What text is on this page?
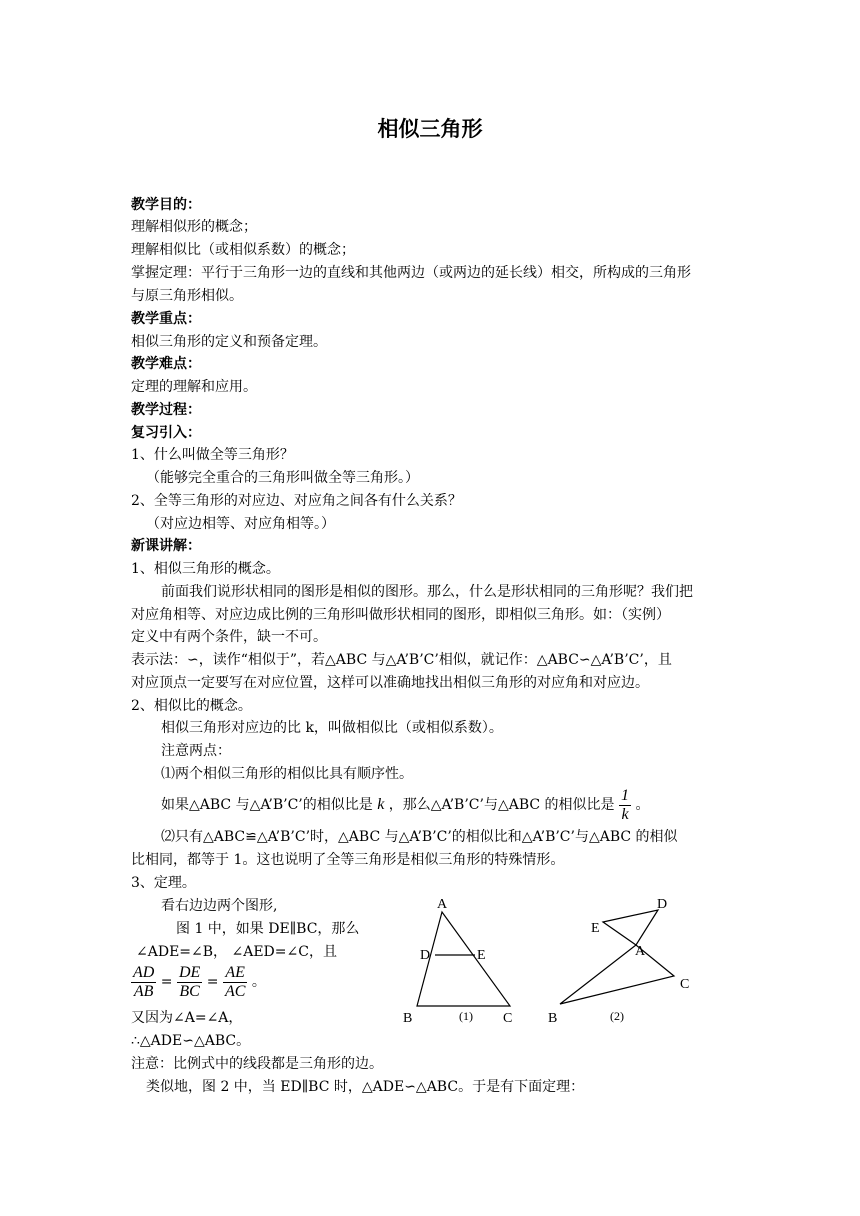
相似三角形
教学目的：
理解相似形的概念；
理解相似比（或相似系数）的概念；
掌握定理：平行于三角形一边的直线和其他两边（或两边的延长线）相交，所构成的三角形
与原三角形相似。
教学重点：
相似三角形的定义和预备定理。
教学难点：
定理的理解和应用。
教学过程：
复习引入：
1、什么叫做全等三角形？
（能够完全重合的三角形叫做全等三角形。）
2、全等三角形的对应边、对应角之间各有什么关系？
（对应边相等、对应角相等。）
新课讲解：
1、相似三角形的概念。
前面我们说形状相同的图形是相似的图形。那么，什么是形状相同的三角形呢？我们把
对应角相等、对应边成比例的三角形叫做形状相同的图形，即相似三角形。如：（实例）
定义中有两个条件，缺一不可。
表示法：∽，读作“相似于”，若△ABC 与△A’B’C’相似，就记作：△ABC∽△A’B’C’，且
对应顶点一定要写在对应位置，这样可以准确地找出相似三角形的对应角和对应边。
2、相似比的概念。
相似三角形对应边的比 k，叫做相似比（或相似系数）。
注意两点：
⑴两个相似三角形的相似比具有顺序性。
如果△ABC 与△A’B’C’的相似比是 k ，那么△A’B’C’与△ABC 的相似比是 $\frac{1}{k}$ 。
⑵只有△ABC≌△A’B’C’时，△ABC 与△A’B’C’的相似比和△A’B’C’与△ABC 的相似
比相同，都等于 1。这也说明了全等三角形是相似三角形的特殊情形。
3、定理。
看右边边两个图形,
图 1 中，如果 DE∥BC，那么
∠ADE=∠B， ∠AED=∠C，且
$\frac{AD}{AB} = \frac{DE}{BC} = \frac{AE}{AC}$ 。
又因为∠A=∠A，
∴△ADE∽△ABC。
注意：比例式中的线段都是三角形的边。
类似地，图 2 中，当 ED∥BC 时，△ADE∽△ABC。于是有下面定理：
A
D	E
B	C
(1)
D
E
A
C
B	(2)
